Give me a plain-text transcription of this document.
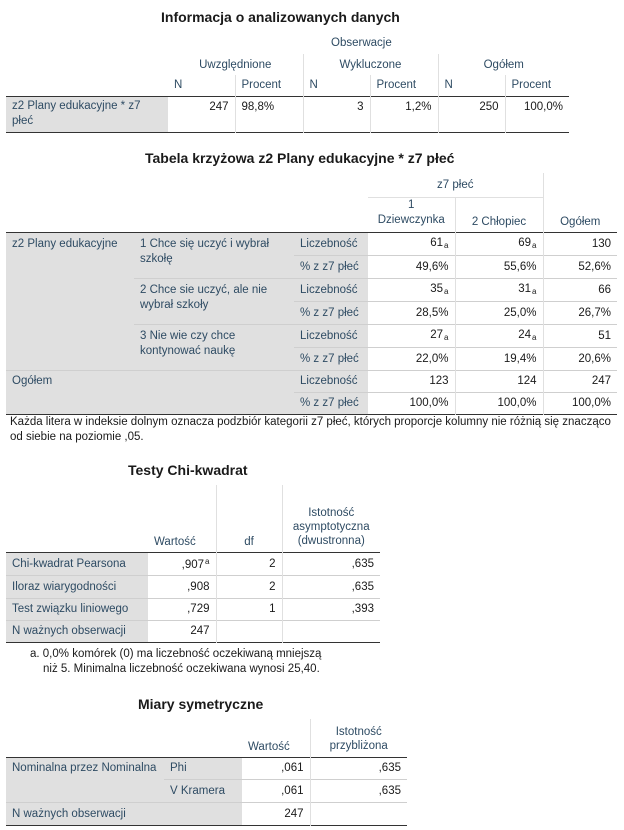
Informacja o analizowanych danych
Obserwacje
	Uwzględnione		Wykluczone		Ogółem	
	N	Procent	N	Procent	N	Procent
z2 Plany edukacyjne * z7 płeć	247	98,8%	3	1,2%	250	100,0%
Tabela krzyżowa z2 Plany edukacyjne * z7 płeć
			z7 płeć		
			1 Dziewczynka	2 Chłopiec	Ogółem
z2 Plany edukacyjne	1 Chce się uczyć i wybrał szkołę	Liczebność	$61_a$	$69_a$	130
		% z z7 płeć	49,6%	55,6%	52,6%
	2 Chce sie uczyć, ale nie wybrał szkoły	Liczebność	$35_a$	$31_a$	66
		% z z7 płeć	28,5%	25,0%	26,7%
	3 Nie wie czy chce kontynować naukę	Liczebność	$27_a$	$24_a$	51
		% z z7 płeć	22,0%	19,4%	20,6%
Ogółem		Liczebność	123	124	247
		% z z7 płeć	100,0%	100,0%	100,0%
Każda litera w indeksie dolnym oznacza podzbiór kategorii z7 płeć, których proporcje kolumny nie różnią się znacząco od siebie na poziomie ,05.
Testy Chi-kwadrat
	Wartość	df	Istotność asymptotyczna (dwustronna)
Chi-kwadrat Pearsona	,907$^a$	2	,635
Iloraz wiarygodności	,908	2	,635
Test związku liniowego	,729	1	,393
N ważnych obserwacji	247		
a. 0,0% komórek (0) ma liczebność oczekiwaną mniejszą
niż 5. Minimalna liczebność oczekiwana wynosi 25,40.
Miary symetryczne
		Wartość	Istotność przybliżona
Nominalna przez Nominalna	Phi	,061	,635
	V Kramera	,061	,635
N ważnych obserwacji		247	
